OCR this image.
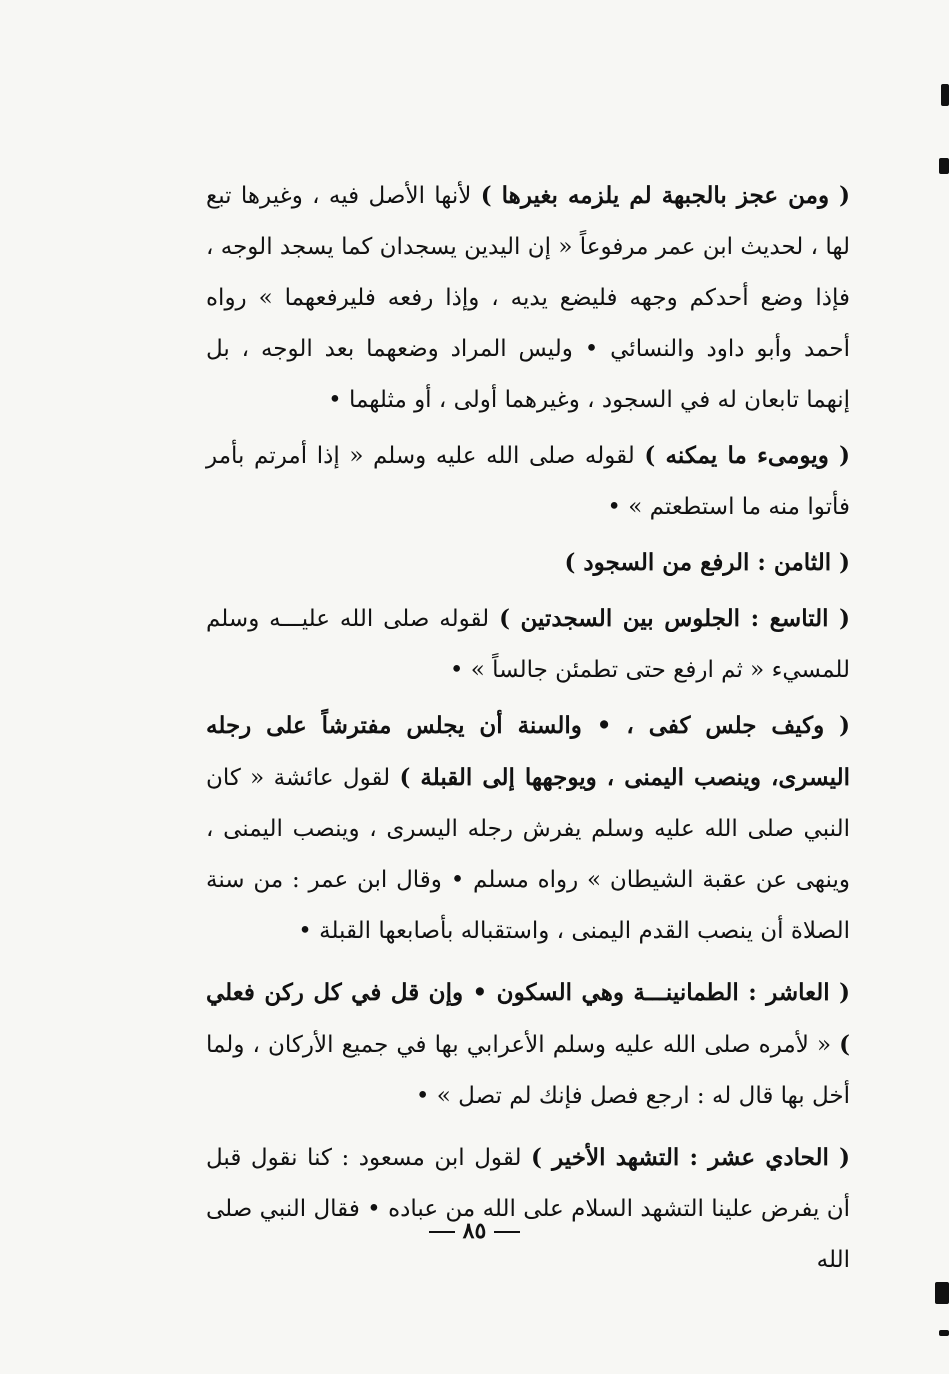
( ومن عجز بالجبهة لم يلزمه بغيرها ) لأنها الأصل فيه ، وغيرها تبع لها ، لحديث ابن عمر مرفوعاً « إن اليدين يسجدان كما يسجد الوجه ، فإذا وضع أحدكم وجهه فليضع يديه ، وإذا رفعه فليرفعهما » رواه أحمد وأبو داود والنسائي • وليس المراد وضعهما بعد الوجه ، بل إنهما تابعان له في السجود ، وغيرهما أولى ، أو مثلهما •

( ويومىء ما يمكنه ) لقوله صلى الله عليه وسلم « إذا أمرتم بأمر فأتوا منه ما استطعتم » •

( الثامن : الرفع من السجود )

( التاسع : الجلوس بين السجدتين ) لقوله صلى الله عليـــه وسلم للمسيء « ثم ارفع حتى تطمئن جالساً » •

( وكيف جلس كفى ، • والسنة أن يجلس مفترشاً على رجله اليسرى، وينصب اليمنى ، ويوجهها إلى القبلة ) لقول عائشة « كان النبي صلى الله عليه وسلم يفرش رجله اليسرى ، وينصب اليمنى ، وينهى عن عقبة الشيطان » رواه مسلم • وقال ابن عمر : من سنة الصلاة أن ينصب القدم اليمنى ، واستقباله بأصابعها القبلة •

( العاشر : الطمانينـــة وهي السكون • وإن قل في كل ركن فعلي ) « لأمره صلى الله عليه وسلم الأعرابي بها في جميع الأركان ، ولما أخل بها قال له : ارجع فصل فإنك لم تصل » •

( الحادي عشر : التشهد الأخير ) لقول ابن مسعود : كنا نقول قبل أن يفرض علينا التشهد السلام على الله من عباده • فقال النبي صلى الله

٨٥
